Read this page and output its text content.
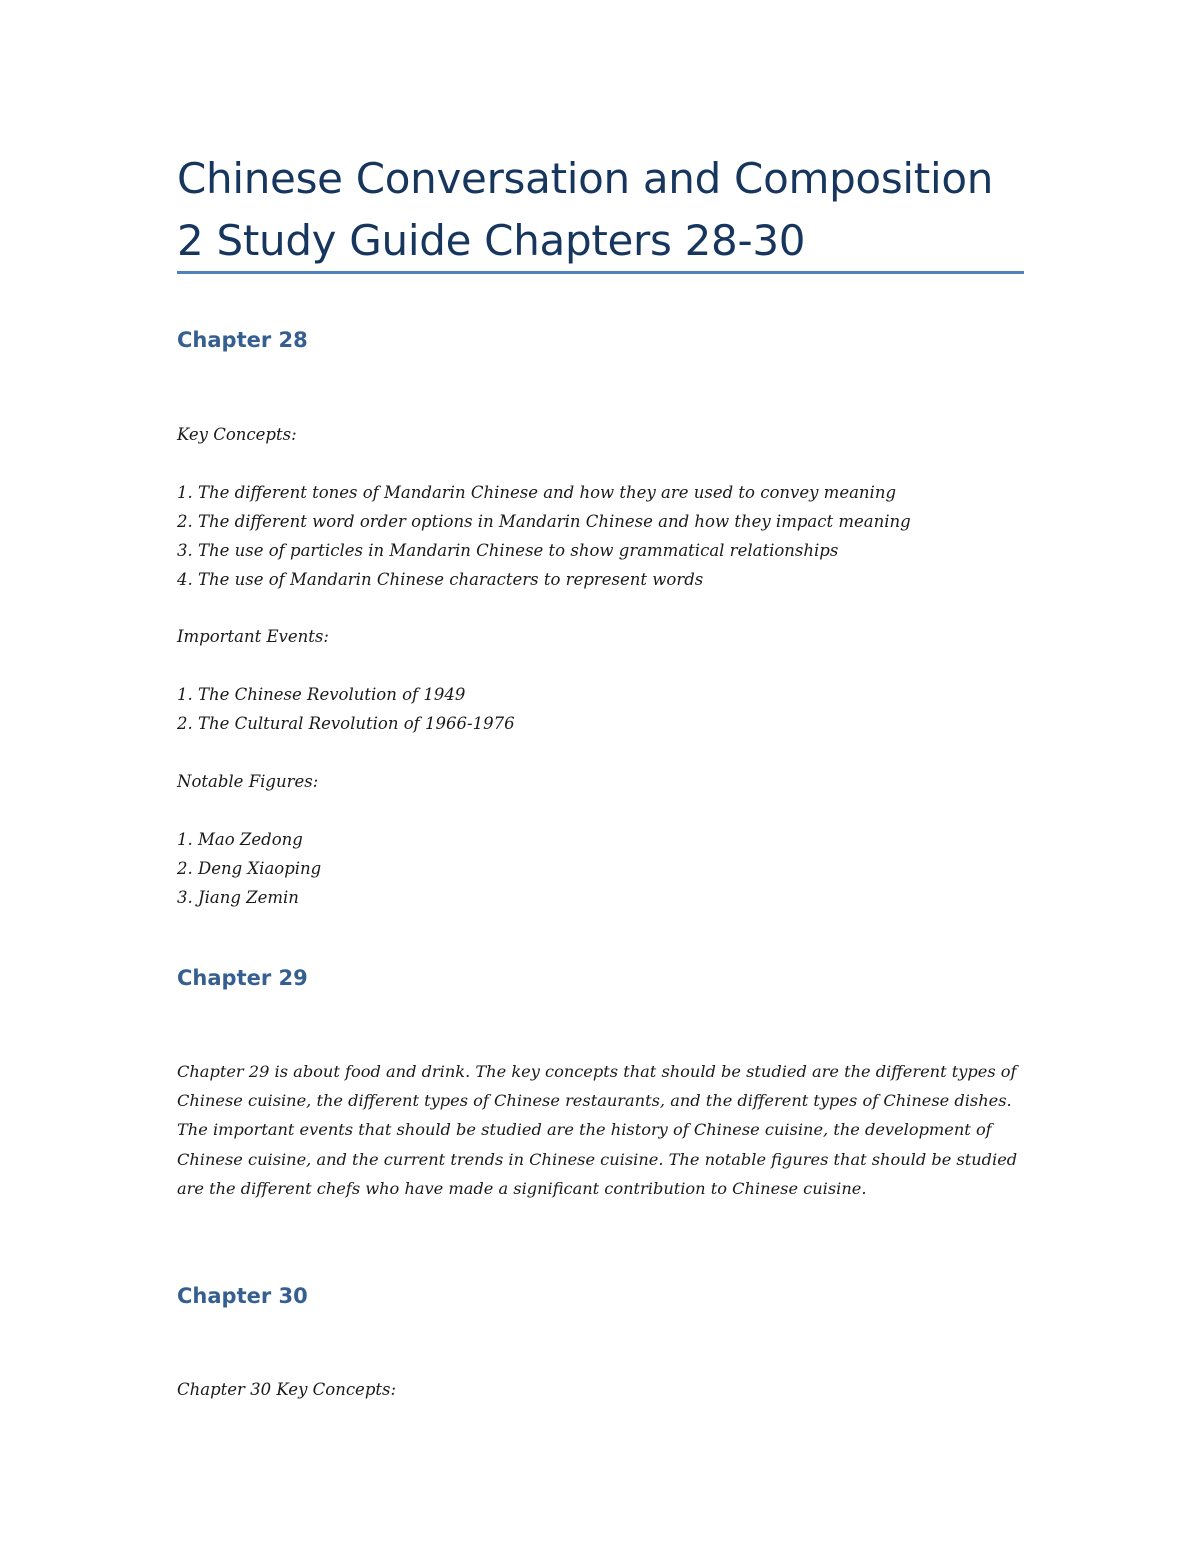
Chinese Conversation and Composition
2 Study Guide Chapters 28-30
Chapter 28
Key Concepts:
1. The different tones of Mandarin Chinese and how they are used to convey meaning
2. The different word order options in Mandarin Chinese and how they impact meaning
3. The use of particles in Mandarin Chinese to show grammatical relationships
4. The use of Mandarin Chinese characters to represent words
Important Events:
1. The Chinese Revolution of 1949
2. The Cultural Revolution of 1966-1976
Notable Figures:
1. Mao Zedong
2. Deng Xiaoping
3. Jiang Zemin
Chapter 29

Chapter 29 is about food and drink. The key concepts that should be studied are the different types of Chinese cuisine, the different types of Chinese restaurants, and the different types of Chinese dishes. The important events that should be studied are the history of Chinese cuisine, the development of Chinese cuisine, and the current trends in Chinese cuisine. The notable figures that should be studied are the different chefs who have made a significant contribution to Chinese cuisine.

Chapter 30
Chapter 30 Key Concepts:
